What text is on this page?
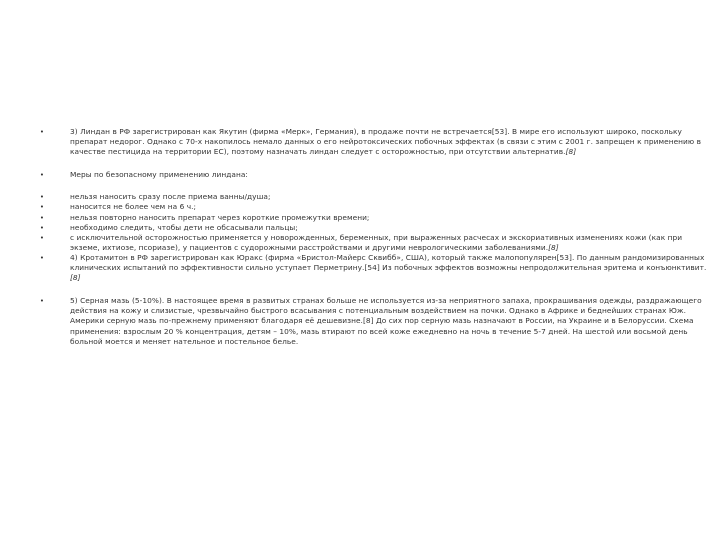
•	3) Линдан в РФ зарегистрирован как Якутин (фирма «Мерк», Германия), в продаже почти не встречается[53]. В мире его используют широко, поскольку препарат недорог. Однако с 70-х накопилось немало данных о его нейротоксических побочных эффектах (в связи с этим с 2001 г. запрещен к применению в качестве пестицида на территории ЕС), поэтому назначать линдан следует с осторожностью, при отсутствии альтернатив.[8]
•	Меры по безопасному применению линдана:
•	нельзя наносить сразу после приема ванны/душа;
•	наносится не более чем на 6 ч.;
•	нельзя повторно наносить препарат через короткие промежутки времени;
•	необходимо следить, чтобы дети не обсасывали пальцы;
•	с исключительной осторожностью применяется у новорожденных, беременных, при выраженных расчесах и экскориативных изменениях кожи (как при экземе, ихтиозе, псориазе), у пациентов с судорожными расстройствами и другими неврологическими заболеваниями.[8]
•	4) Кротамитон в РФ зарегистрирован как Юракс (фирма «Бристол-Майерс Сквибб», США), который также малопопулярен[53]. По данным рандомизированных клинических испытаний по эффективности сильно уступает Перметрину.[54] Из побочных эффектов возможны непродолжительная эритема и конъюнктивит.[8]
•	5) Серная мазь (5-10%). В настоящее время в развитых странах больше не используется из-за неприятного запаха, прокрашивания одежды, раздражающего действия на кожу и слизистые, чрезвычайно быстрого всасывания с потенциальным воздействием на почки. Однако в Африке и беднейших странах Юж. Америки серную мазь по-прежнему применяют благодаря её дешевизне.[8] До сих пор серную мазь назначают в России, на Украине и в Белоруссии. Схема применения: взрослым 20 % концентрация, детям – 10%, мазь втирают по всей коже ежедневно на ночь в течение 5-7 дней. На шестой или восьмой день больной моется и меняет нательное и постельное белье.
